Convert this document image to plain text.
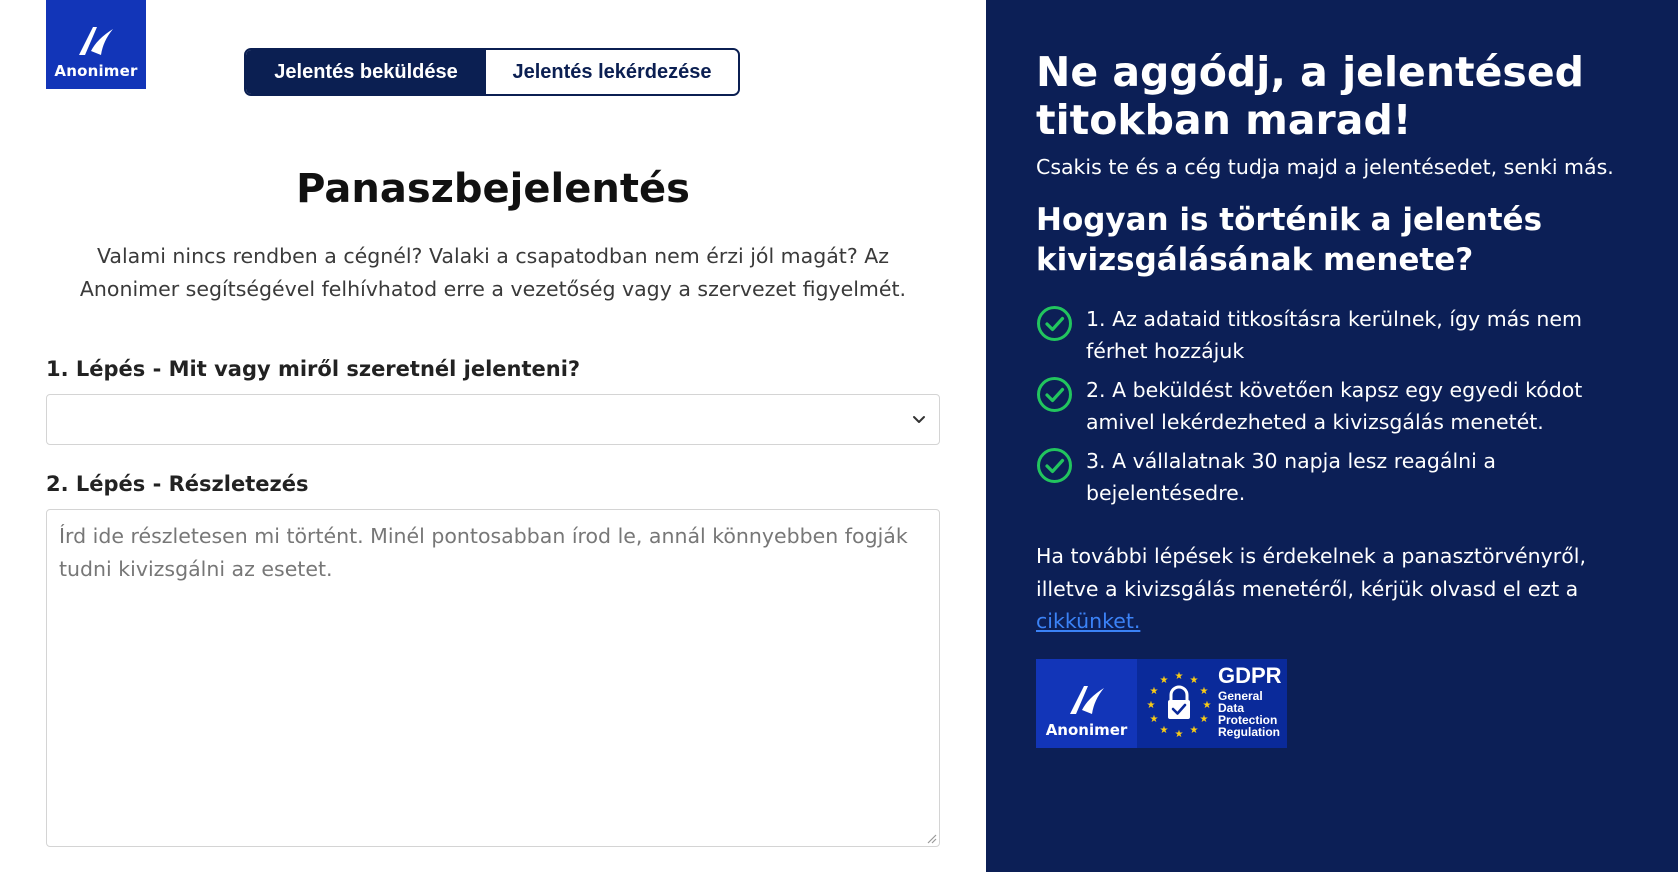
Anonimer	Jelentés beküldése	Jelentés lekérdezése
Panaszbejelentés

Valami nincs rendben a cégnél? Valaki a csapatodban nem érzi jól magát? Az Anonimer segítségével felhívhatod erre a vezetőség vagy a szervezet figyelmét.

1. Lépés - Mit vagy miről szeretnél jelenteni?
2. Lépés - Részletezés
Írd ide részletesen mi történt. Minél pontosabban írod le, annál könnyebben fogják tudni kivizsgálni az esetet.
Ne aggódj, a jelentésed titokban marad!

Csakis te és a cég tudja majd a jelentésedet, senki más.

Hogyan is történik a jelentés kivizsgálásának menete?
1. Az adataid titkosításra kerülnek, így más nem férhet hozzájuk
2. A beküldést követően kapsz egy egyedi kódot amivel lekérdezheted a kivizsgálás menetét.
3. A vállalatnak 30 napja lesz reagálni a bejelentésedre.

Ha további lépések is érdekelnek a panasztörvényről, illetve a kivizsgálás menetéről, kérjük olvasd el ezt a cikkünket.

Anonimer
★ ★
★
★
★
★
★
★
★
★
★
★ GDPR
General
Data
Protection
Regulation
